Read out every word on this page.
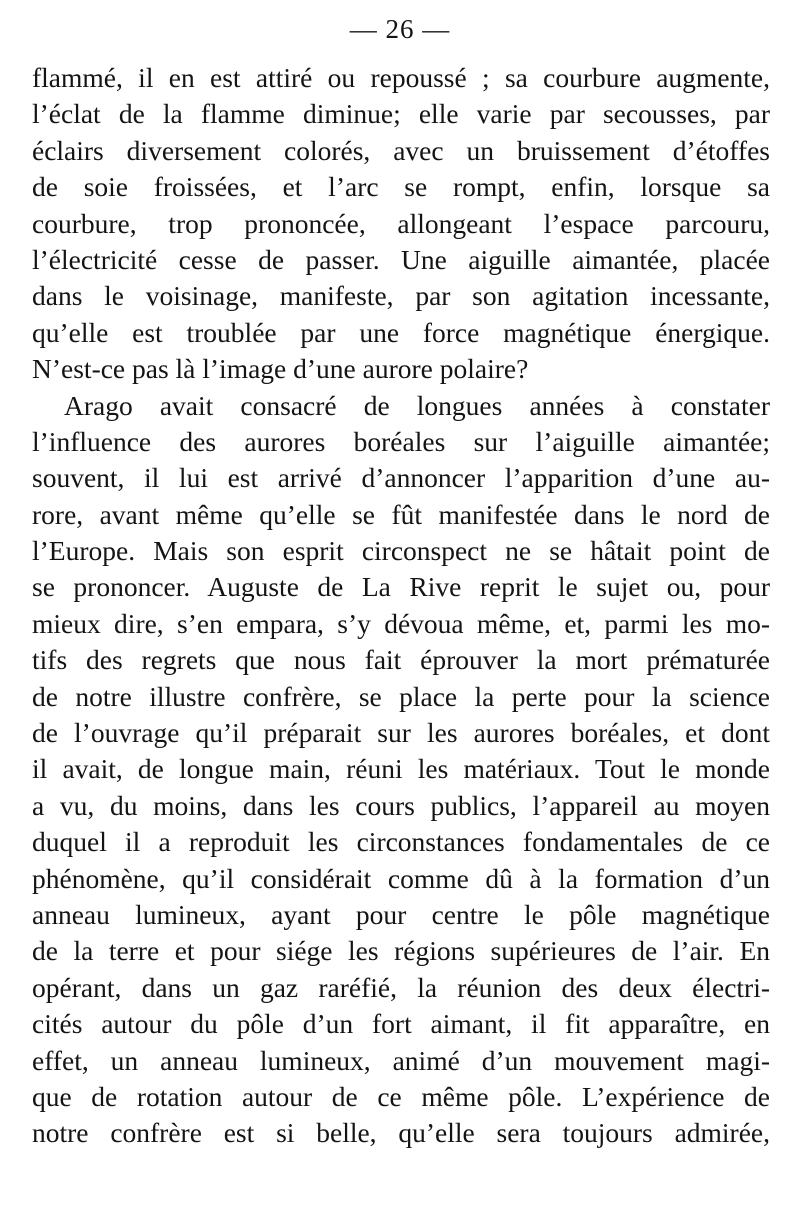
— 26 —
flammé, il en est attiré ou repoussé ; sa courbure augmente,
l’éclat de la flamme diminue; elle varie par secousses, par
éclairs diversement colorés, avec un bruissement d’étoffes
de soie froissées, et l’arc se rompt, enfin, lorsque sa
courbure, trop prononcée, allongeant l’espace parcouru,
l’électricité cesse de passer. Une aiguille aimantée, placée
dans le voisinage, manifeste, par son agitation incessante,
qu’elle est troublée par une force magnétique énergique.
N’est-ce pas là l’image d’une aurore polaire?
Arago avait consacré de longues années à constater
l’influence des aurores boréales sur l’aiguille aimantée;
souvent, il lui est arrivé d’annoncer l’apparition d’une au-
rore, avant même qu’elle se fût manifestée dans le nord de
l’Europe. Mais son esprit circonspect ne se hâtait point de
se prononcer. Auguste de La Rive reprit le sujet ou, pour
mieux dire, s’en empara, s’y dévoua même, et, parmi les mo-
tifs des regrets que nous fait éprouver la mort prématurée
de notre illustre confrère, se place la perte pour la science
de l’ouvrage qu’il préparait sur les aurores boréales, et dont
il avait, de longue main, réuni les matériaux. Tout le monde
a vu, du moins, dans les cours publics, l’appareil au moyen
duquel il a reproduit les circonstances fondamentales de ce
phénomène, qu’il considérait comme dû à la formation d’un
anneau lumineux, ayant pour centre le pôle magnétique
de la terre et pour siége les régions supérieures de l’air. En
opérant, dans un gaz raréfié, la réunion des deux électri-
cités autour du pôle d’un fort aimant, il fit apparaître, en
effet, un anneau lumineux, animé d’un mouvement magi-
que de rotation autour de ce même pôle. L’expérience de
notre confrère est si belle, qu’elle sera toujours admirée,
